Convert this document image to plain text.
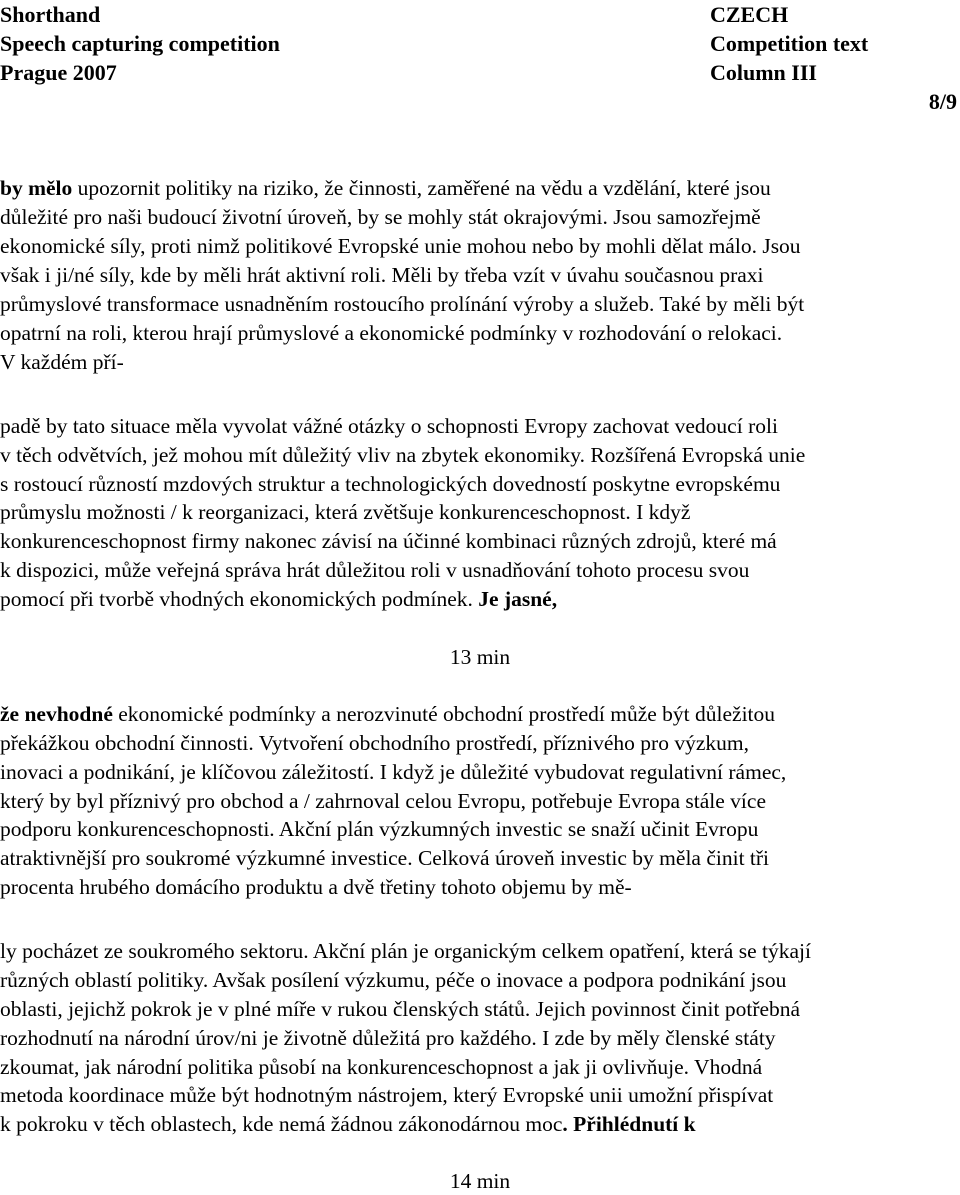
Shorthand	CZECH
Speech capturing competition	Competition text
Prague 2007	Column III
8/9
by mělo upozornit politiky na riziko, že činnosti, zaměřené na vědu a vzdělání, které jsou
důležité pro naši budoucí životní úroveň, by se mohly stát okrajovými. Jsou samozřejmě
ekonomické síly, proti nimž politikové Evropské unie mohou nebo by mohli dělat málo. Jsou
však i ji/né síly, kde by měli hrát aktivní roli. Měli by třeba vzít v úvahu současnou praxi
průmyslové transformace usnadněním rostoucího prolínání výroby a služeb. Také by měli být
opatrní na roli, kterou hrají průmyslové a ekonomické podmínky v rozhodování o relokaci.
V každém pří-
padě by tato situace měla vyvolat vážné otázky o schopnosti Evropy zachovat vedoucí roli
v těch odvětvích, jež mohou mít důležitý vliv na zbytek ekonomiky. Rozšířená Evropská unie
s rostoucí růzností mzdových struktur a technologických dovedností poskytne evropskému
průmyslu možnosti / k reorganizaci, která zvětšuje konkurenceschopnost. I když
konkurenceschopnost firmy nakonec závisí na účinné kombinaci různých zdrojů, které má
k dispozici, může veřejná správa hrát důležitou roli v usnadňování tohoto procesu svou
pomocí při tvorbě vhodných ekonomických podmínek. Je jasné,
že nevhodné ekonomické podmínky a nerozvinuté obchodní prostředí může být důležitou
překážkou obchodní činnosti. Vytvoření obchodního prostředí, příznivého pro výzkum,
inovaci a podnikání, je klíčovou záležitostí. I když je důležité vybudovat regulativní rámec,
který by byl příznivý pro obchod a / zahrnoval celou Evropu, potřebuje Evropa stále více
podporu konkurenceschopnosti. Akční plán výzkumných investic se snaží učinit Evropu
atraktivnější pro soukromé výzkumné investice. Celková úroveň investic by měla činit tři
procenta hrubého domácího produktu a dvě třetiny tohoto objemu by mě-
ly pocházet ze soukromého sektoru. Akční plán je organickým celkem opatření, která se týkají
různých oblastí politiky. Avšak posílení výzkumu, péče o inovace a podpora podnikání jsou
oblasti, jejichž pokrok je v plné míře v rukou členských států. Jejich povinnost činit potřebná
rozhodnutí na národní úrov/ni je životně důležitá pro každého. I zde by měly členské státy
zkoumat, jak národní politika působí na konkurenceschopnost a jak ji ovlivňuje. Vhodná
metoda koordinace může být hodnotným nástrojem, který Evropské unii umožní přispívat
k pokroku v těch oblastech, kde nemá žádnou zákonodárnou moc. Přihlédnutí k
13 min
14 min
